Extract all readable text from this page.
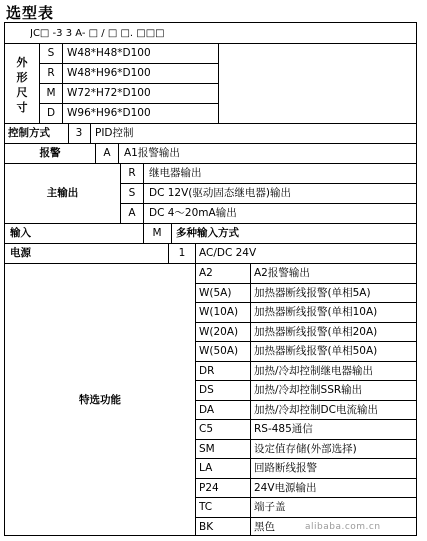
选型表
JC□ -3 3 A- □ / □ □. □□□
外
形
尺
寸
S	W48*H48*D100
R	W48*H96*D100
M	W72*H72*D100
D	W96*H96*D100
控制方式	3	PID控制
报警	A	A1报警输出
主输出
R	继电器输出
S	DC 12V(驱动固态继电器)输出
A	DC 4～20mA输出
输入	M	多种输入方式
电源	1	AC/DC 24V
特选功能
A2	A2报警输出
W(5A)	加热器断线报警(单相5A)
W(10A)	加热器断线报警(单相10A)
W(20A)	加热器断线报警(单相20A)
W(50A)	加热器断线报警(单相50A)
DR	加热/冷却控制继电器输出
DS	加热/冷却控制SSR输出
DA	加热/冷却控制DC电流输出
C5	RS-485通信
SM	设定值存储(外部选择)
LA	回路断线报警
P24	24V电源输出
TC	端子盖
BK	黑色	alibaba.com.cn
